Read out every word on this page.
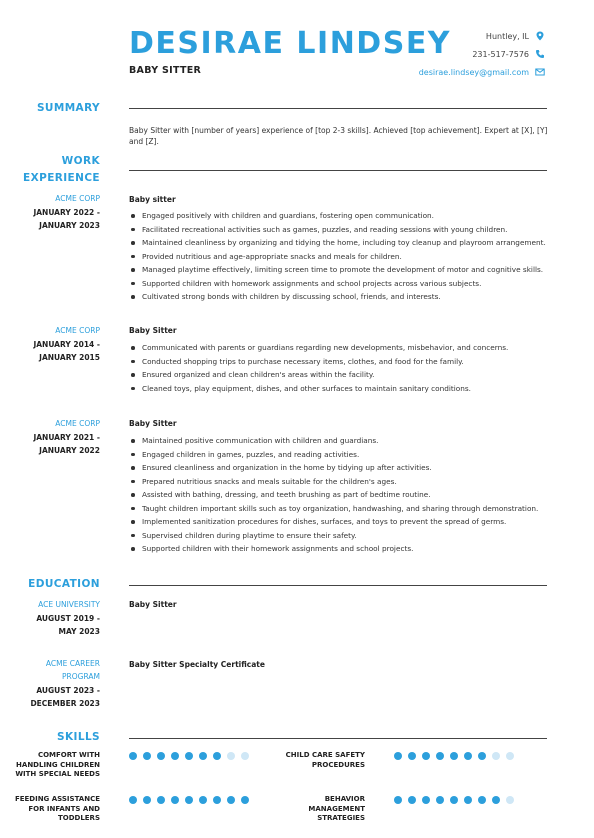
DESIRAE LINDSEY
BABY SITTER
Huntley, IL
231-517-7576
desirae.lindsey@gmail.com
SUMMARY
Baby Sitter with [number of years] experience of [top 2-3 skills]. Achieved [top achievement]. Expert at [X], [Y] and [Z].
WORK
EXPERIENCE
ACME CORP
JANUARY 2022 -
JANUARY 2023
Baby sitter
Engaged positively with children and guardians, fostering open communication.
Facilitated recreational activities such as games, puzzles, and reading sessions with young children.
Maintained cleanliness by organizing and tidying the home, including toy cleanup and playroom arrangement.
Provided nutritious and age-appropriate snacks and meals for children.
Managed playtime effectively, limiting screen time to promote the development of motor and cognitive skills.
Supported children with homework assignments and school projects across various subjects.
Cultivated strong bonds with children by discussing school, friends, and interests.
ACME CORP
JANUARY 2014 -
JANUARY 2015
Baby Sitter
Communicated with parents or guardians regarding new developments, misbehavior, and concerns.
Conducted shopping trips to purchase necessary items, clothes, and food for the family.
Ensured organized and clean children's areas within the facility.
Cleaned toys, play equipment, dishes, and other surfaces to maintain sanitary conditions.
ACME CORP
JANUARY 2021 -
JANUARY 2022
Baby Sitter
Maintained positive communication with children and guardians.
Engaged children in games, puzzles, and reading activities.
Ensured cleanliness and organization in the home by tidying up after activities.
Prepared nutritious snacks and meals suitable for the children's ages.
Assisted with bathing, dressing, and teeth brushing as part of bedtime routine.
Taught children important skills such as toy organization, handwashing, and sharing through demonstration.
Implemented sanitization procedures for dishes, surfaces, and toys to prevent the spread of germs.
Supervised children during playtime to ensure their safety.
Supported children with their homework assignments and school projects.
EDUCATION
ACE UNIVERSITY
AUGUST 2019 -
MAY 2023
Baby Sitter
ACME CAREER
PROGRAM
AUGUST 2023 -
DECEMBER 2023
Baby Sitter Specialty Certificate
SKILLS
COMFORT WITH
HANDLING CHILDREN
WITH SPECIAL NEEDS
CHILD CARE SAFETY
PROCEDURES
FEEDING ASSISTANCE
FOR INFANTS AND
TODDLERS
BEHAVIOR
MANAGEMENT
STRATEGIES
